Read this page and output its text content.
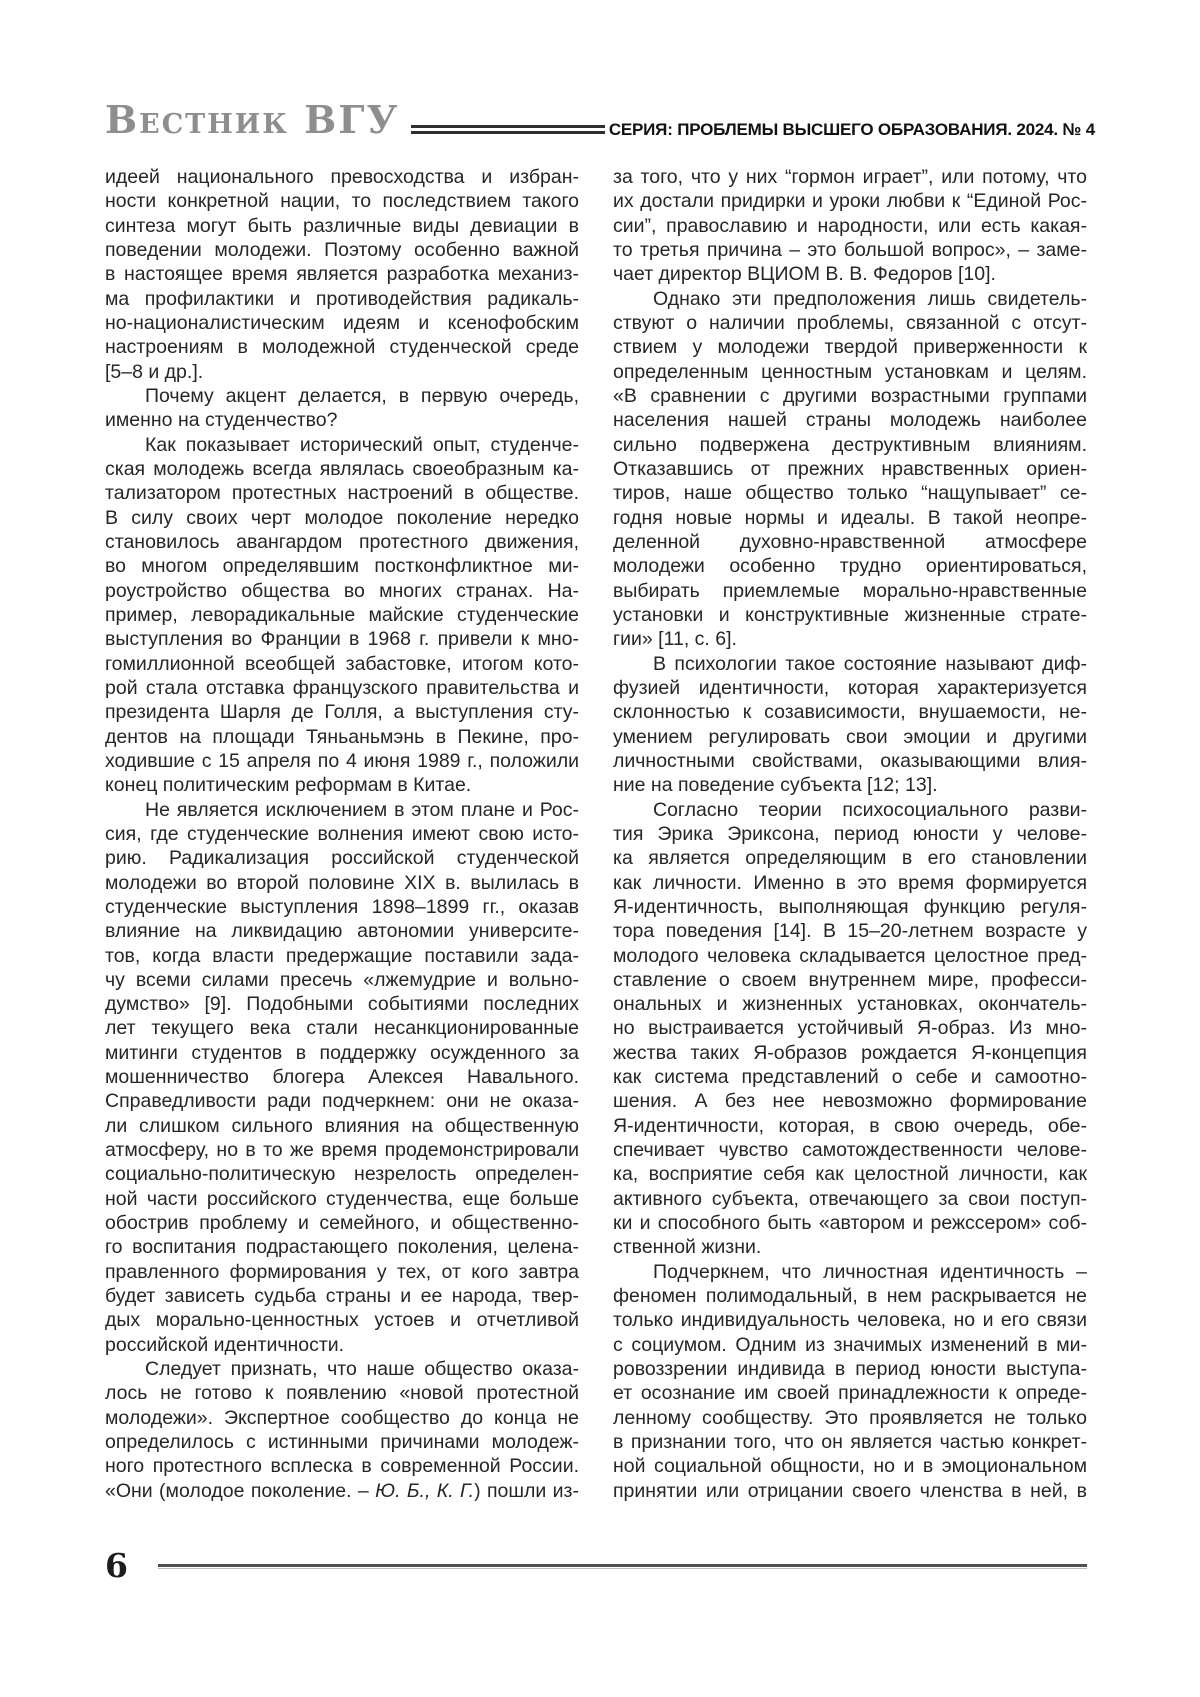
Вестник ВГУ	СЕРИЯ: ПРОБЛЕМЫ ВЫСШЕГО ОБРАЗОВАНИЯ. 2024. № 4
идеей национального превосходства и избран-
ности конкретной нации, то последствием такого
синтеза могут быть различные виды девиации в
поведении молодежи. Поэтому особенно важной
в настоящее время является разработка механиз-
ма профилактики и противодействия радикаль-
но-националистическим идеям и ксенофобским
настроениям в молодежной студенческой среде
[5–8 и др.].
Почему акцент делается, в первую очередь,
именно на студенчество?
Как показывает исторический опыт, студенче-
ская молодежь всегда являлась своеобразным ка-
тализатором протестных настроений в обществе.
В силу своих черт молодое поколение нередко
становилось авангардом протестного движения,
во многом определявшим постконфликтное ми-
роустройство общества во многих странах. На-
пример, леворадикальные майские студенческие
выступления во Франции в 1968 г. привели к мно-
гомиллионной всеобщей забастовке, итогом кото-
рой стала отставка французского правительства и
президента Шарля де Голля, а выступления сту-
дентов на площади Тяньаньмэнь в Пекине, про-
ходившие с 15 апреля по 4 июня 1989 г., положили
конец политическим реформам в Китае.
Не является исключением в этом плане и Рос-
сия, где студенческие волнения имеют свою исто-
рию. Радикализация российской студенческой
молодежи во второй половине XIX в. вылилась в
студенческие выступления 1898–1899 гг., оказав
влияние на ликвидацию автономии университе-
тов, когда власти предержащие поставили зада-
чу всеми силами пресечь «лжемудрие и вольно-
думство» [9]. Подобными событиями последних
лет текущего века стали несанкционированные
митинги студентов в поддержку осужденного за
мошенничество блогера Алексея Навального.
Справедливости ради подчеркнем: они не оказа-
ли слишком сильного влияния на общественную
атмосферу, но в то же время продемонстрировали
социально-политическую незрелость определен-
ной части российского студенчества, еще больше
обострив проблему и семейного, и общественно-
го воспитания подрастающего поколения, целена-
правленного формирования у тех, от кого завтра
будет зависеть судьба страны и ее народа, твер-
дых морально-ценностных устоев и отчетливой
российской идентичности.
Следует признать, что наше общество оказа-
лось не готово к появлению «новой протестной
молодежи». Экспертное сообщество до конца не
определилось с истинными причинами молодеж-
ного протестного всплеска в современной России.
«Они (молодое поколение. – Ю. Б., К. Г.) пошли из-
за того, что у них “гормон играет”, или потому, что
их достали придирки и уроки любви к “Единой Рос-
сии”, православию и народности, или есть какая-
то третья причина – это большой вопрос», – заме-
чает директор ВЦИОМ В. В. Федоров [10].
Однако эти предположения лишь свидетель-
ствуют о наличии проблемы, связанной с отсут-
ствием у молодежи твердой приверженности к
определенным ценностным установкам и целям.
«В сравнении с другими возрастными группами
населения нашей страны молодежь наиболее
сильно подвержена деструктивным влияниям.
Отказавшись от прежних нравственных ориен-
тиров, наше общество только “нащупывает” се-
годня новые нормы и идеалы. В такой неопре-
деленной духовно-нравственной атмосфере
молодежи особенно трудно ориентироваться,
выбирать приемлемые морально-нравственные
установки и конструктивные жизненные страте-
гии» [11, с. 6].
В психологии такое состояние называют диф-
фузией идентичности, которая характеризуется
склонностью к созависимости, внушаемости, не-
умением регулировать свои эмоции и другими
личностными свойствами, оказывающими влия-
ние на поведение субъекта [12; 13].
Согласно теории психосоциального разви-
тия Эрика Эриксона, период юности у челове-
ка является определяющим в его становлении
как личности. Именно в это время формируется
Я-идентичность, выполняющая функцию регуля-
тора поведения [14]. В 15–20-летнем возрасте у
молодого человека складывается целостное пред-
ставление о своем внутреннем мире, професси-
ональных и жизненных установках, окончатель-
но выстраивается устойчивый Я-образ. Из мно-
жества таких Я-образов рождается Я-концепция
как система представлений о себе и самоотно-
шения. А без нее невозможно формирование
Я-идентичности, которая, в свою очередь, обе-
спечивает чувство самотождественности челове-
ка, восприятие себя как целостной личности, как
активного субъекта, отвечающего за свои поступ-
ки и способного быть «автором и режссером» соб-
ственной жизни.
Подчеркнем, что личностная идентичность –
феномен полимодальный, в нем раскрывается не
только индивидуальность человека, но и его связи
с социумом. Одним из значимых изменений в ми-
ровоззрении индивида в период юности выступа-
ет осознание им своей принадлежности к опреде-
ленному сообществу. Это проявляется не только
в признании того, что он является частью конкрет-
ной социальной общности, но и в эмоциональном
принятии или отрицании своего членства в ней, в
6
